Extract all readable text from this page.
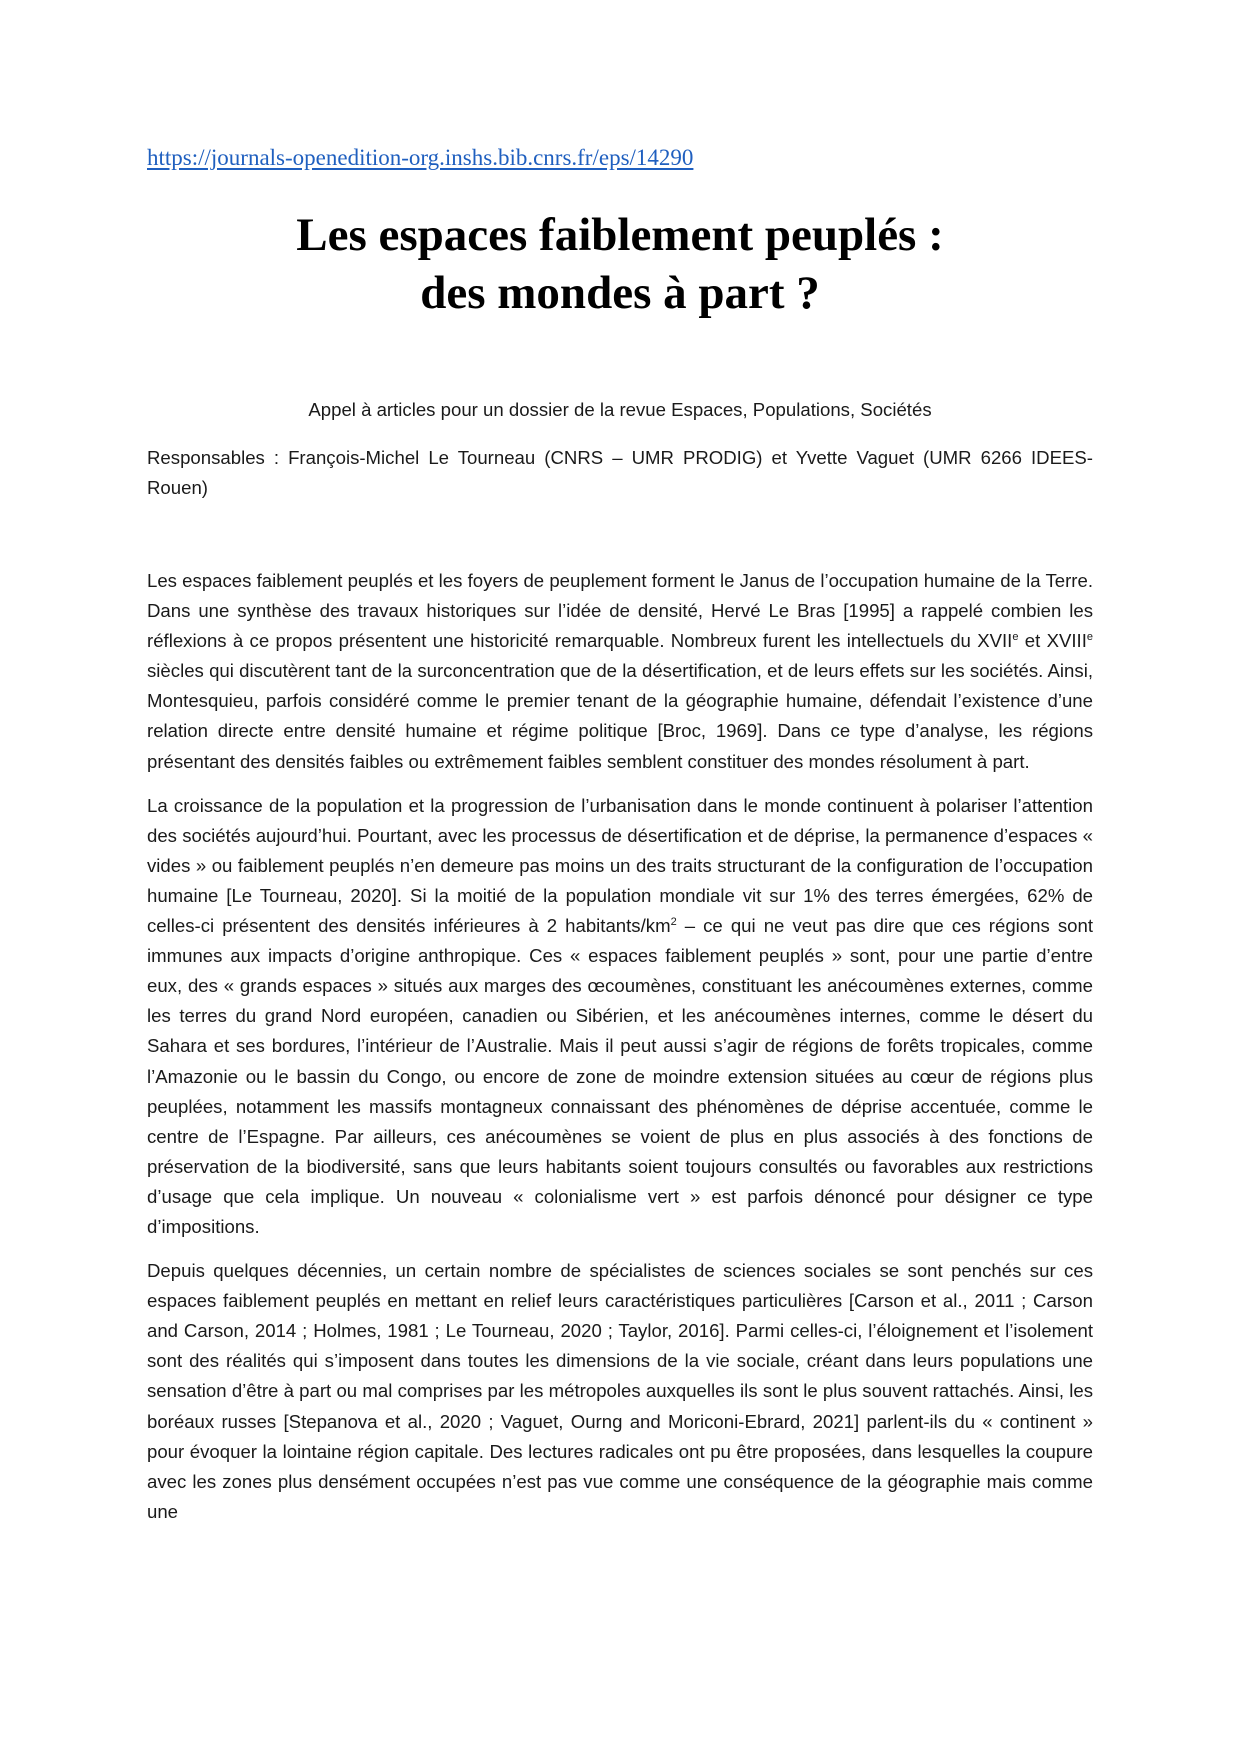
https://journals-openedition-org.inshs.bib.cnrs.fr/eps/14290
Les espaces faiblement peuplés :
des mondes à part ?
Appel à articles pour un dossier de la revue Espaces, Populations, Sociétés
Responsables : François-Michel Le Tourneau (CNRS – UMR PRODIG) et Yvette Vaguet (UMR 6266 IDEES-Rouen)

Les espaces faiblement peuplés et les foyers de peuplement forment le Janus de l’occupation humaine de la Terre. Dans une synthèse des travaux historiques sur l’idée de densité, Hervé Le Bras [1995] a rappelé combien les réflexions à ce propos présentent une historicité remarquable. Nombreux furent les intellectuels du XVIIe et XVIIIe siècles qui discutèrent tant de la surconcentration que de la désertification, et de leurs effets sur les sociétés. Ainsi, Montesquieu, parfois considéré comme le premier tenant de la géographie humaine, défendait l’existence d’une relation directe entre densité humaine et régime politique [Broc, 1969]. Dans ce type d’analyse, les régions présentant des densités faibles ou extrêmement faibles semblent constituer des mondes résolument à part.

La croissance de la population et la progression de l’urbanisation dans le monde continuent à polariser l’attention des sociétés aujourd’hui. Pourtant, avec les processus de désertification et de déprise, la permanence d’espaces « vides » ou faiblement peuplés n’en demeure pas moins un des traits structurant de la configuration de l’occupation humaine [Le Tourneau, 2020]. Si la moitié de la population mondiale vit sur 1% des terres émergées, 62% de celles-ci présentent des densités inférieures à 2 habitants/$km^2$ – ce qui ne veut pas dire que ces régions sont immunes aux impacts d’origine anthropique. Ces « espaces faiblement peuplés » sont, pour une partie d’entre eux, des « grands espaces » situés aux marges des œcoumènes, constituant les anécoumènes externes, comme les terres du grand Nord européen, canadien ou Sibérien, et les anécoumènes internes, comme le désert du Sahara et ses bordures, l’intérieur de l’Australie. Mais il peut aussi s’agir de régions de forêts tropicales, comme l’Amazonie ou le bassin du Congo, ou encore de zone de moindre extension situées au cœur de régions plus peuplées, notamment les massifs montagneux connaissant des phénomènes de déprise accentuée, comme le centre de l’Espagne. Par ailleurs, ces anécoumènes se voient de plus en plus associés à des fonctions de préservation de la biodiversité, sans que leurs habitants soient toujours consultés ou favorables aux restrictions d’usage que cela implique. Un nouveau « colonialisme vert » est parfois dénoncé pour désigner ce type d’impositions.

Depuis quelques décennies, un certain nombre de spécialistes de sciences sociales se sont penchés sur ces espaces faiblement peuplés en mettant en relief leurs caractéristiques particulières [Carson et al., 2011 ; Carson and Carson, 2014 ; Holmes, 1981 ; Le Tourneau, 2020 ; Taylor, 2016]. Parmi celles-ci, l’éloignement et l’isolement sont des réalités qui s’imposent dans toutes les dimensions de la vie sociale, créant dans leurs populations une sensation d’être à part ou mal comprises par les métropoles auxquelles ils sont le plus souvent rattachés. Ainsi, les boréaux russes [Stepanova et al., 2020 ; Vaguet, Ourng and Moriconi-Ebrard, 2021] parlent-ils du « continent » pour évoquer la lointaine région capitale. Des lectures radicales ont pu être proposées, dans lesquelles la coupure avec les zones plus densément occupées n’est pas vue comme une conséquence de la géographie mais comme une
